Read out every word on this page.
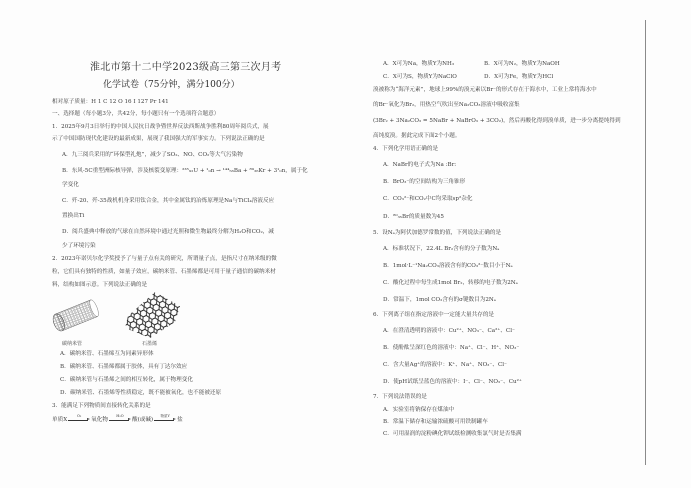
淮北市第十二中学2023级高三第三次月考
化学试卷（75分钟，满分100分）
相对原子质量：H 1 C 12 O 16 I 127 Pr 141
一、选择题（每小题3分，共42分，每小题只有一个选项符合题意）
1．2025年9月3日举行的中国人民抗日战争暨世界反法西斯战争胜利80周年阅兵式，展
示了中国国防现代化建设的最新成果，展现了我国强大的军事实力。下列说法正确的是
A．九三阅兵采用的“环保型礼炮”，减少了SO₂、NO、CO₂等大气污染物
B．东风-5C重型洲际核导弹，涉及核裂变原理：²³⁵₉₂U + ¹₀n → ¹⁴⁴₅₆Ba + ⁸⁹₃₆Kr + 3¹₀n，属于化
学变化
C．歼-20、歼-35战机机身采用钛合金，其中金属钛的冶炼原理是Na与TiCl₄溶液反应
置换出Ti
D．阅兵盛典中释放的气球在自然环境中通过光照和微生物最终分解为H₂O和CO₂，减
少了环境污染
2．2023年诺贝尔化学奖授予了与量子点有关的研究，所谓量子点，是指尺寸在纳米级的微
粒，它们具有独特的性质，如量子效应，碳纳米管、石墨烯都是可用于量子通信的碳纳米材
料，结构如图示意。下列说法正确的是
碳纳米管	石墨烯
A．碳纳米管、石墨烯互为同素异形体
B．碳纳米管、石墨烯都属于胶体，具有丁达尔效应
C．碳纳米管与石墨烯之间的相互转化，属于物理变化
D．碳纳米管、石墨烯等性质稳定，既不能被氧化，也不能被还原
3．能满足下列物质间直接转化关系的是
单质X
O₂
氧化物
H₂O
酸(或碱)
物质Y
盐
A．X可为Na，物质Y为NH₃	B．X可为N₂，物质Y为NaOH
C．X可为S，物质Y为NaClO	D．X可为Fe，物质Y为HCl
溴被称为“海洋元素”，地球上99%的溴元素以Br⁻的形式存在于海水中，工业上常将海水中
的Br⁻氧化为Br₂，用热空气吹出至Na₂CO₃溶液中吸收富集
(3Br₂ + 3Na₂CO₃ = 5NaBr + NaBrO₃ + 3CO₂)，然后再酸化得到溴单质，进一步分离提纯得到
高纯度溴。据此完成下面2个小题。
4．下列化学用语正确的是
A．NaBr的电子式为Na :Br:
B．BrO₃⁻的空间结构为三角锥形
C．CO₃²⁻和CO₂中C均采取sp²杂化
D．⁸⁰₃₅Br的质量数为45
5．设Nₐ为阿伏加德罗常数的值，下列说法正确的是
A．标准状况下，22.4L Br₂含有的分子数为Nₐ
B．1mol·L⁻¹Na₂CO₃溶液含有的CO₃²⁻数目小于Nₐ
C．酸化过程中每生成1mol Br₂，转移的电子数为2Nₐ
D．常温下，1mol CO₂含有的σ键数目为2Nₐ
6．下列离子组在指定溶液中一定能大量共存的是
A．在澄清透明的溶液中：Cu²⁺、NO₃⁻、Ca²⁺、Cl⁻
B．使酚酞呈深红色的溶液中：Na⁺、Cl⁻、H⁺、NO₃⁻
C．含大量Ag⁺的溶液中：K⁺、Na⁺、NO₃⁻、Cl⁻
D．使pH试纸呈蓝色的溶液中：I⁻、Cl⁻、NO₃⁻、Cu²⁺
7．下列说法错误的是
A．实验室将钠保存在煤油中
B．常温下储存和运输浓硫酸可用铁制罐车
C．可用湿润的淀粉碘化钾试纸检测收集氯气时是否集满
